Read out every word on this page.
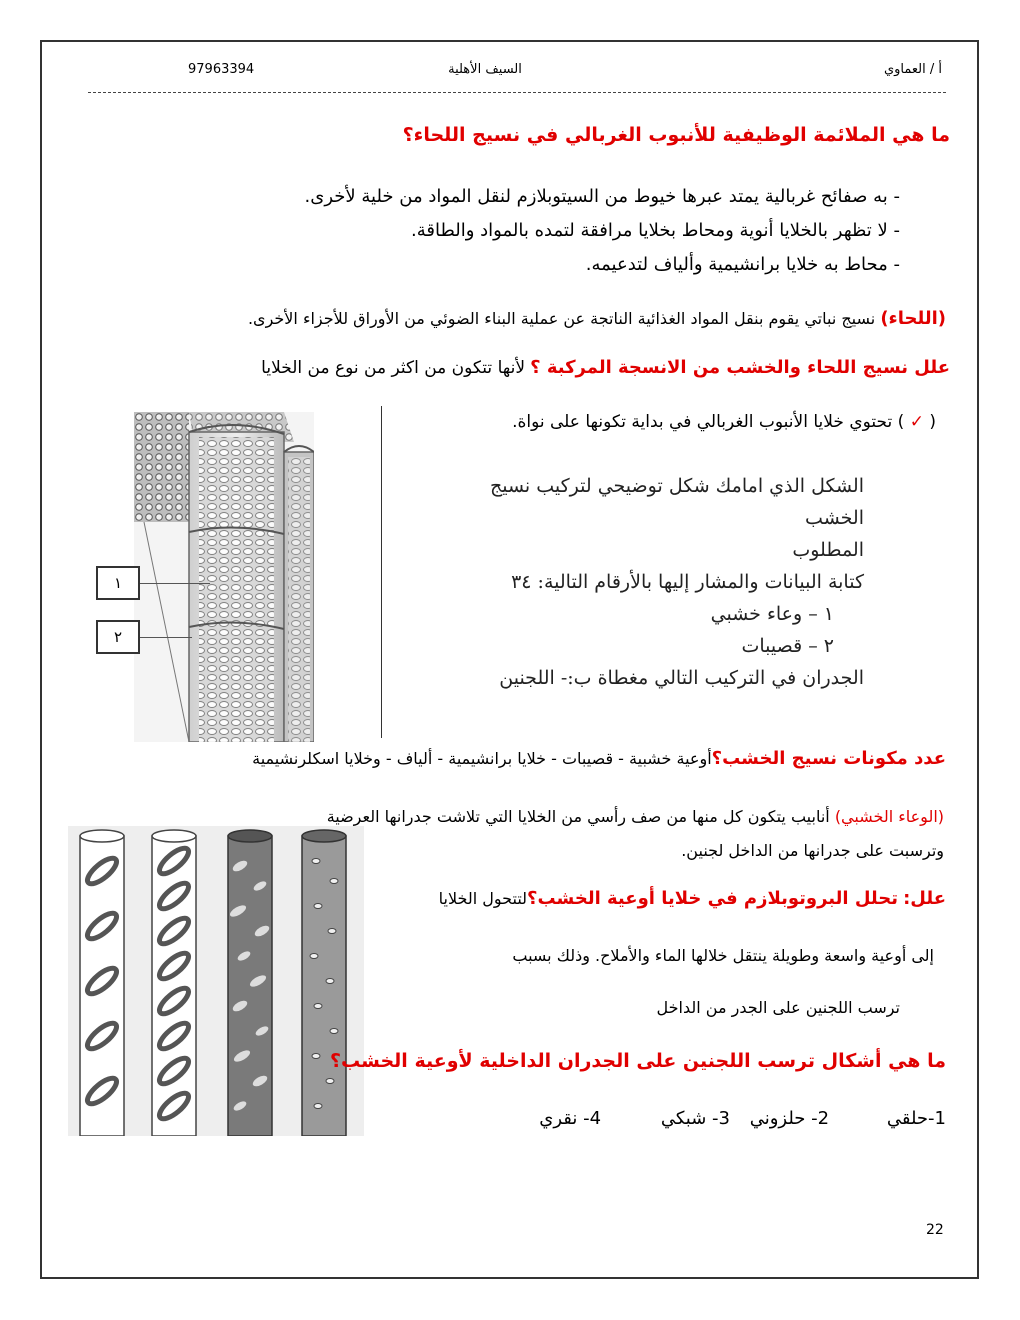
97963394	السيف الأهلية	أ / العماوي
ما هي الملائمة الوظيفية للأنبوب الغربالي في نسيج اللحاء؟
- به صفائح غربالية يمتد عبرها خيوط من السيتوبلازم لنقل المواد من خلية لأخرى.
- لا تظهر بالخلايا أنوية ومحاط بخلايا مرافقة لتمده بالمواد والطاقة.
- محاط به خلايا برانشيمية وألياف لتدعيمه.
(اللحاء) نسيج نباتي يقوم بنقل المواد الغذائية الناتجة عن عملية البناء الضوئي من الأوراق للأجزاء الأخرى.
علل نسيج اللحاء والخشب من الانسجة المركبة ؟ لأنها تتكون من اكثر من نوع من الخلايا
١
٢
( ✓ ) تحتوي خلايا الأنبوب الغربالي في بداية تكونها على نواة.
الشكل الذي امامك شكل توضيحي لتركيب نسيج
الخشب
المطلوب
كتابة البيانات والمشار إليها بالأرقام التالية: ٣٤
١ – وعاء خشبي
٢ – قصيبات
الجدران في التركيب التالي مغطاة ب:- اللجنين
عدد مكونات نسيج الخشب؟أوعية خشبية - قصيبات - خلايا برانشيمية - ألياف - وخلايا اسكلرنشيمية
(الوعاء الخشبي) أنابيب يتكون كل منها من صف رأسي من الخلايا التي تلاشت جدرانها العرضية
وترسبت على جدرانها من الداخل لجنين.
علل: تحلل البروتوبلازم في خلايا أوعية الخشب؟لتتحول الخلايا
إلى أوعية واسعة وطويلة ينتقل خلالها الماء والأملاح. وذلك بسبب
ترسب اللجنين على الجدر من الداخل
ما هي أشكال ترسب اللجنين على الجدران الداخلية لأوعية الخشب؟
1-حلقي 2- حلزوني 3- شبكي 4- نقري
22
